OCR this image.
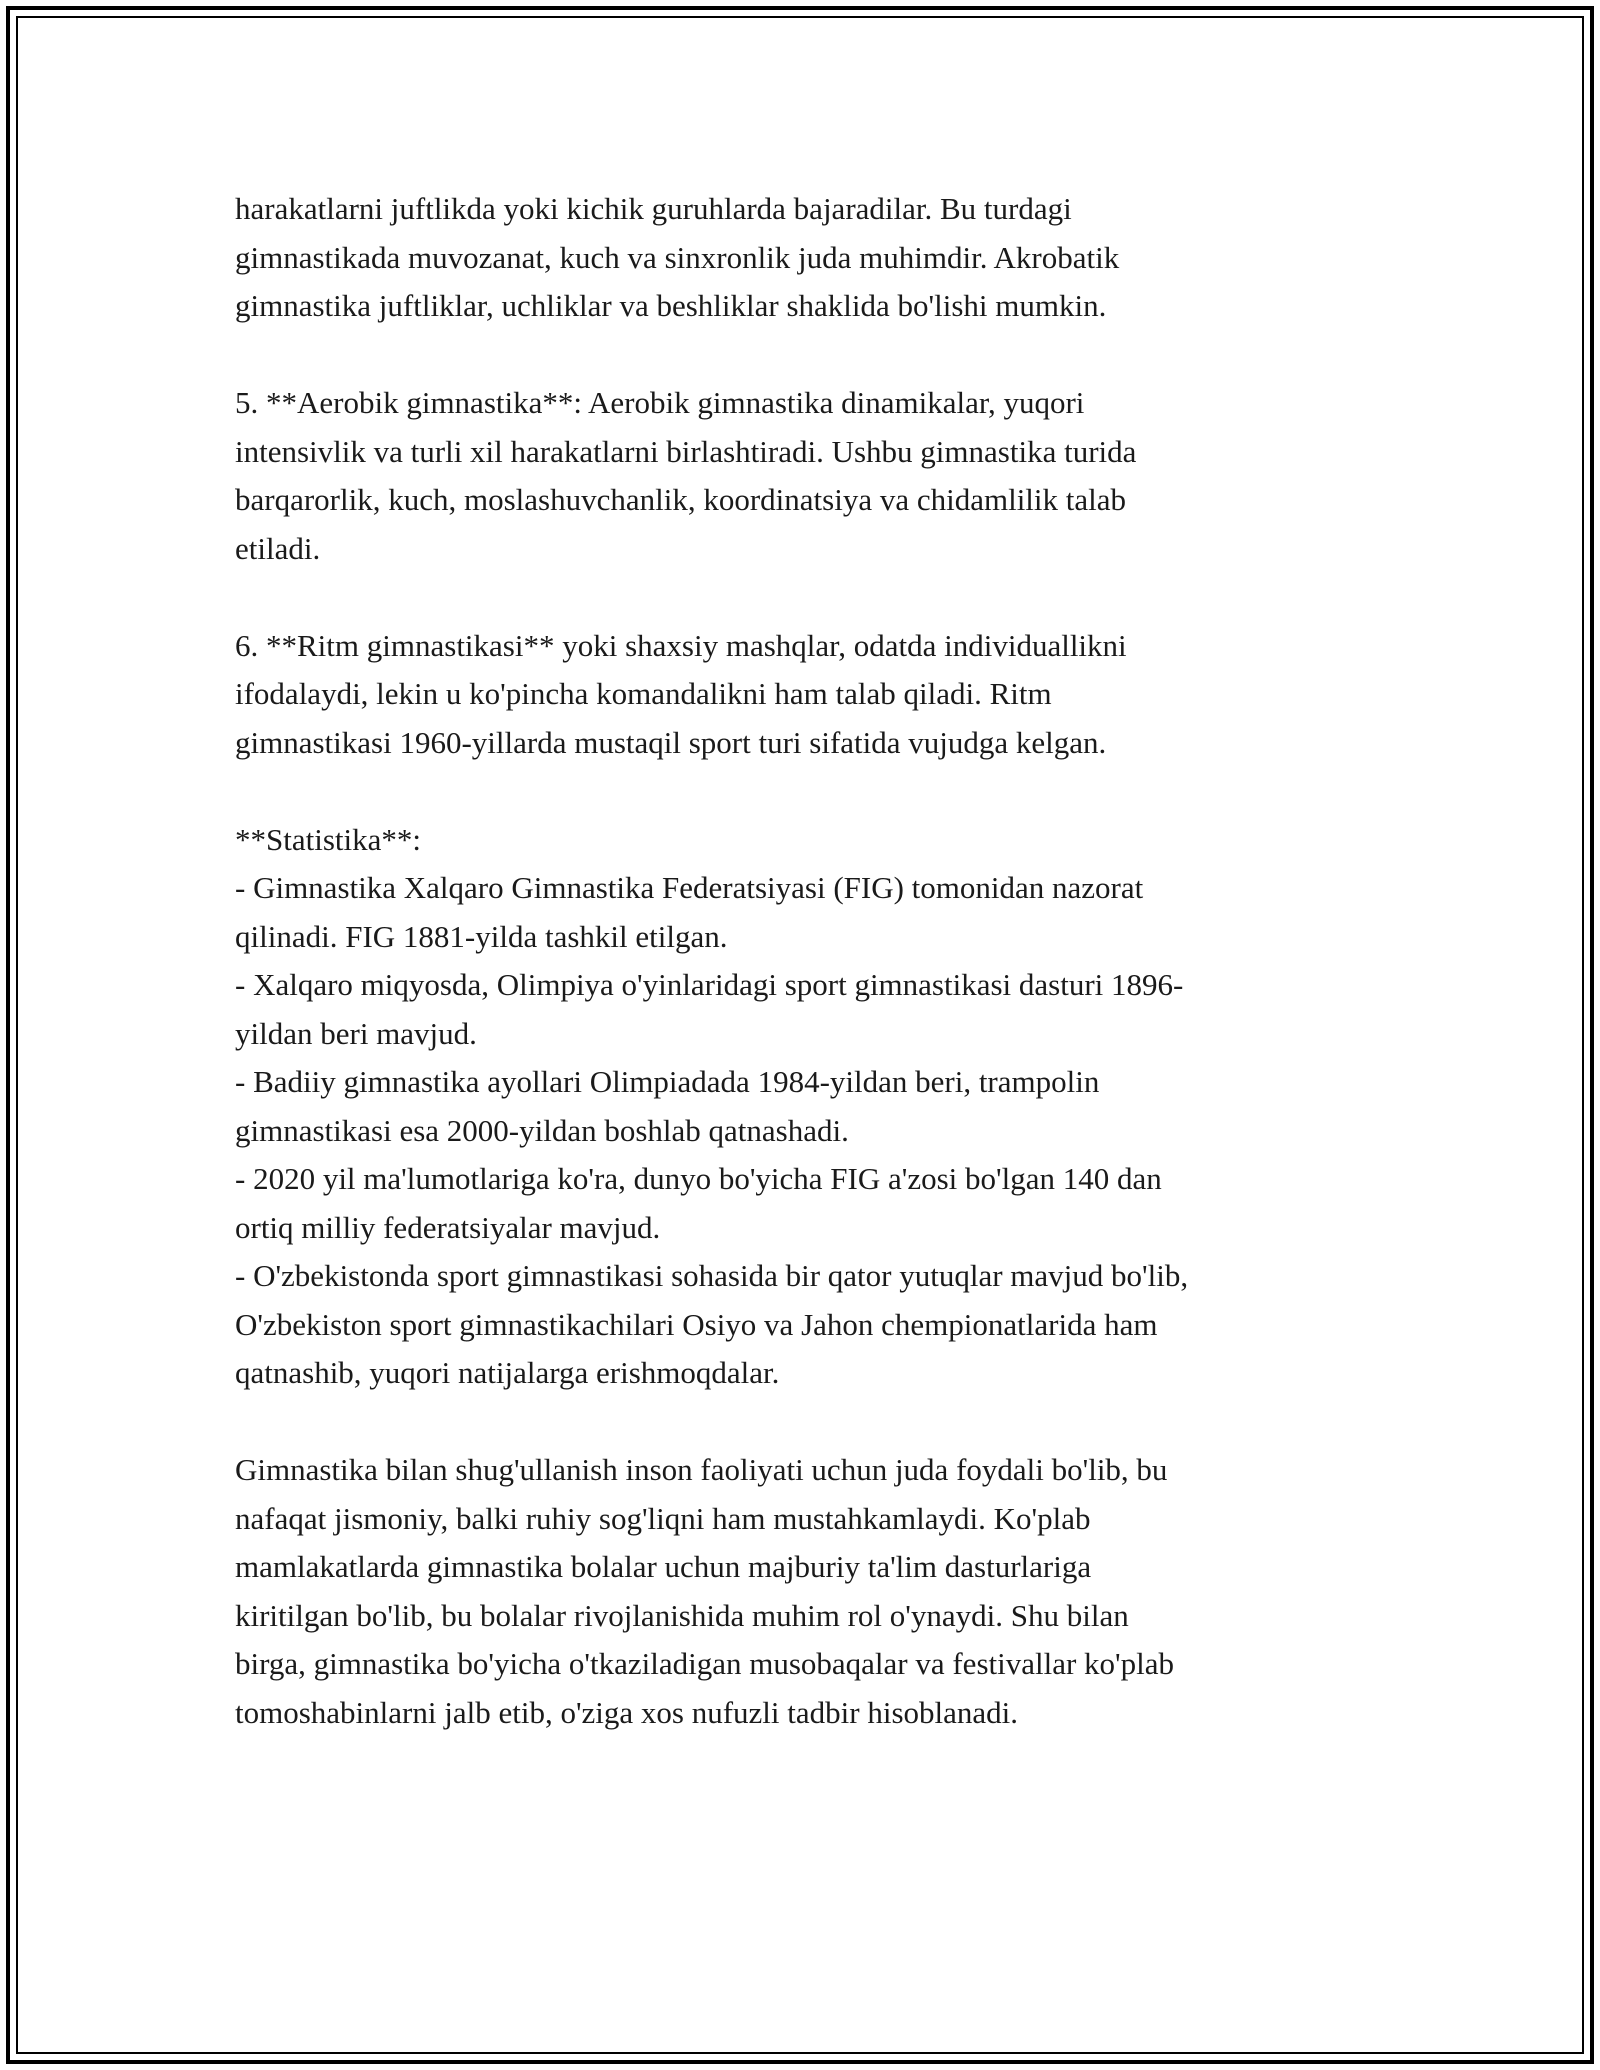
harakatlarni juftlikda yoki kichik guruhlarda bajaradilar. Bu turdagi
gimnastikada muvozanat, kuch va sinxronlik juda muhimdir. Akrobatik
gimnastika juftliklar, uchliklar va beshliklar shaklida bo'lishi mumkin.
5. **Aerobik gimnastika**: Aerobik gimnastika dinamikalar, yuqori
intensivlik va turli xil harakatlarni birlashtiradi. Ushbu gimnastika turida
barqarorlik, kuch, moslashuvchanlik, koordinatsiya va chidamlilik talab
etiladi.
6. **Ritm gimnastikasi** yoki shaxsiy mashqlar, odatda individuallikni
ifodalaydi, lekin u ko'pincha komandalikni ham talab qiladi. Ritm
gimnastikasi 1960-yillarda mustaqil sport turi sifatida vujudga kelgan.
**Statistika**:
- Gimnastika Xalqaro Gimnastika Federatsiyasi (FIG) tomonidan nazorat
qilinadi. FIG 1881-yilda tashkil etilgan.
- Xalqaro miqyosda, Olimpiya o'yinlaridagi sport gimnastikasi dasturi 1896-
yildan beri mavjud.
- Badiiy gimnastika ayollari Olimpiadada 1984-yildan beri, trampolin
gimnastikasi esa 2000-yildan boshlab qatnashadi.
- 2020 yil ma'lumotlariga ko'ra, dunyo bo'yicha FIG a'zosi bo'lgan 140 dan
ortiq milliy federatsiyalar mavjud.
- O'zbekistonda sport gimnastikasi sohasida bir qator yutuqlar mavjud bo'lib,
O'zbekiston sport gimnastikachilari Osiyo va Jahon chempionatlarida ham
qatnashib, yuqori natijalarga erishmoqdalar.
Gimnastika bilan shug'ullanish inson faoliyati uchun juda foydali bo'lib, bu
nafaqat jismoniy, balki ruhiy sog'liqni ham mustahkamlaydi. Ko'plab
mamlakatlarda gimnastika bolalar uchun majburiy ta'lim dasturlariga
kiritilgan bo'lib, bu bolalar rivojlanishida muhim rol o'ynaydi. Shu bilan
birga, gimnastika bo'yicha o'tkaziladigan musobaqalar va festivallar ko'plab
tomoshabinlarni jalb etib, o'ziga xos nufuzli tadbir hisoblanadi.
